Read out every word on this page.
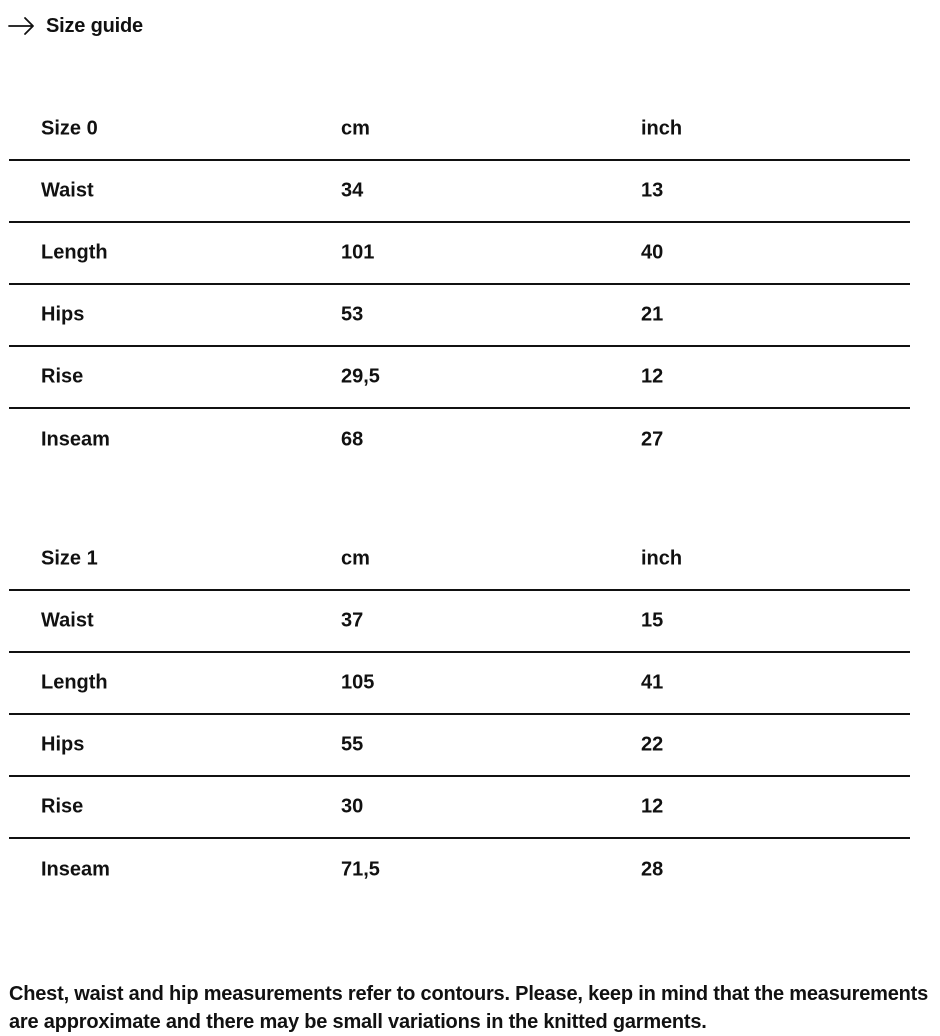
Size guide
Size 0	cm	inch
Waist	34	13
Length	101	40
Hips	53	21
Rise	29,5	12
Inseam	68	27
Size 1	cm	inch
Waist	37	15
Length	105	41
Hips	55	22
Rise	30	12
Inseam	71,5	28

Chest, waist and hip measurements refer to contours. Please, keep in mind that the measurements are approximate and there may be small variations in the knitted garments.
